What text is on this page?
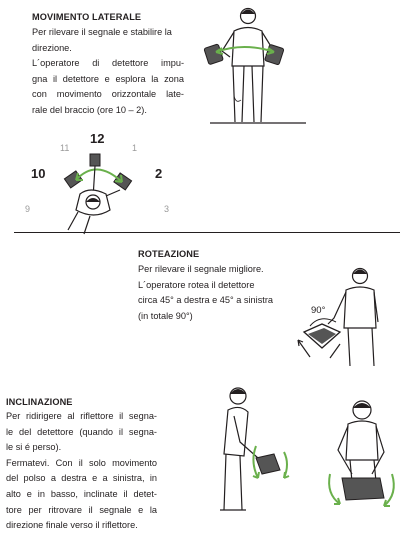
MOVIMENTO LATERALE
Per rilevare il segnale e stabilire la
direzione.
L´operatore di detettore impu-
gna il detettore e esplora la zona
con movimento orizzontale late-
rale del braccio (ore 10 – 2).
12
10	2
11	1
9	3
ROTEAZIONE
Per rilevare il segnale migliore.
L´operatore rotea il detettore
circa 45° a destra e 45° a sinistra
(in totale 90°)	90°
INCLINAZIONE
Per ridirigere al riflettore il segna-
le del detettore (quando il segna-
le si é perso).
Fermatevi. Con il solo movimento
del polso a destra e a sinistra, in
alto e in basso, inclinate il detet-
tore per ritrovare il segnale e la
direzione finale verso il riflettore.
